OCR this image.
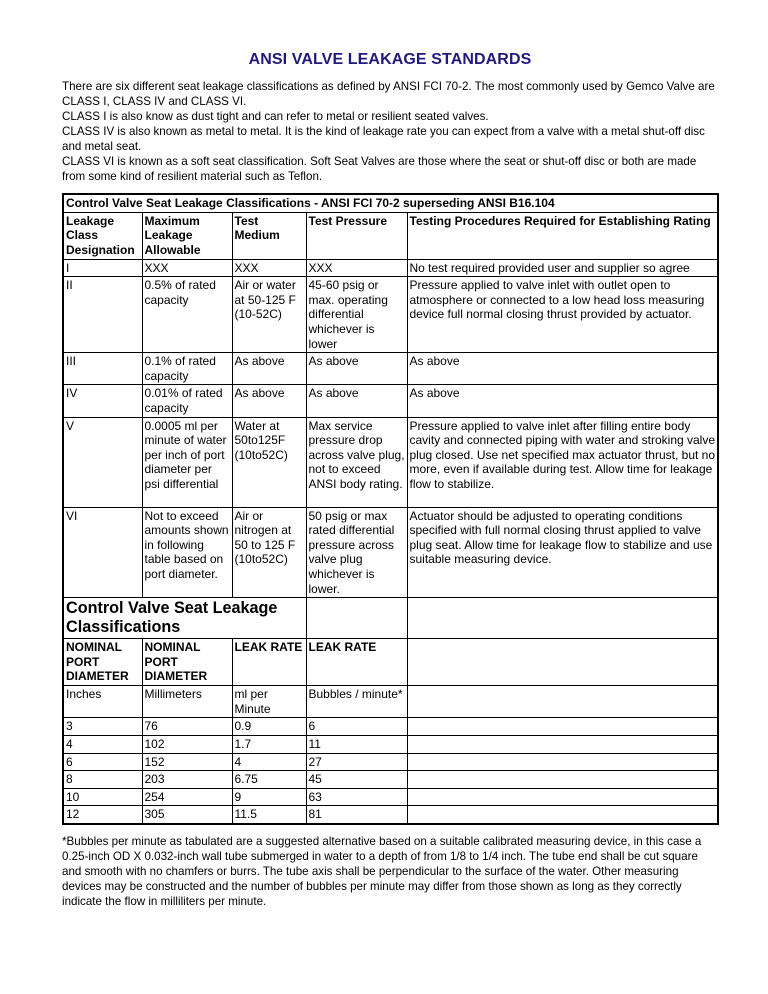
ANSI VALVE LEAKAGE STANDARDS

There are six different seat leakage classifications as defined by ANSI FCI 70-2. The most commonly used by Gemco Valve are CLASS I, CLASS IV and CLASS VI.

CLASS I is also know as dust tight and can refer to metal or resilient seated valves.

CLASS IV is also known as metal to metal. It is the kind of leakage rate you can expect from a valve with a metal shut-off disc and metal seat.

CLASS VI is known as a soft seat classification. Soft Seat Valves are those where the seat or shut-off disc or both are made from some kind of resilient material such as Teflon.

Control Valve Seat Leakage Classifications - ANSI FCI 70-2 superseding ANSI B16.104				
Leakage Class Designation	Maximum Leakage Allowable	Test Medium	Test Pressure	Testing Procedures Required for Establishing Rating
I	XXX	XXX	XXX	No test required provided user and supplier so agree
II	0.5% of rated capacity	Air or water at 50-125 F (10-52C)	45-60 psig or max. operating differential whichever is lower	Pressure applied to valve inlet with outlet open to atmosphere or connected to a low head loss measuring device full normal closing thrust provided by actuator.
III	0.1% of rated capacity	As above	As above	As above
IV	0.01% of rated capacity	As above	As above	As above
V	0.0005 ml per minute of water per inch of port diameter per psi differential	Water at 50to125F (10to52C)	Max service pressure drop across valve plug, not to exceed ANSI body rating.	Pressure applied to valve inlet after filling entire body cavity and connected piping with water and stroking valve plug closed. Use net specified max actuator thrust, but no more, even if available during test. Allow time for leakage flow to stabilize.
VI	Not to exceed amounts shown in following table based on port diameter.	Air or nitrogen at 50 to 125 F (10to52C)	50 psig or max rated differential pressure across valve plug whichever is lower.	Actuator should be adjusted to operating conditions specified with full normal closing thrust applied to valve plug seat. Allow time for leakage flow to stabilize and use suitable measuring device.
Control Valve Seat Leakage Classifications				
NOMINAL PORT DIAMETER	NOMINAL PORT DIAMETER	LEAK RATE	LEAK RATE	
Inches	Millimeters	ml per Minute	Bubbles / minute*	
3	76	0.9	6	
4	102	1.7	11	
6	152	4	27	
8	203	6.75	45	
10	254	9	63	
12	305	11.5	81	

*Bubbles per minute as tabulated are a suggested alternative based on a suitable calibrated measuring device, in this case a 0.25-inch OD X 0.032-inch wall tube submerged in water to a depth of from 1/8 to 1/4 inch. The tube end shall be cut square and smooth with no chamfers or burrs. The tube axis shall be perpendicular to the surface of the water. Other measuring devices may be constructed and the number of bubbles per minute may differ from those shown as long as they correctly indicate the flow in milliliters per minute.
